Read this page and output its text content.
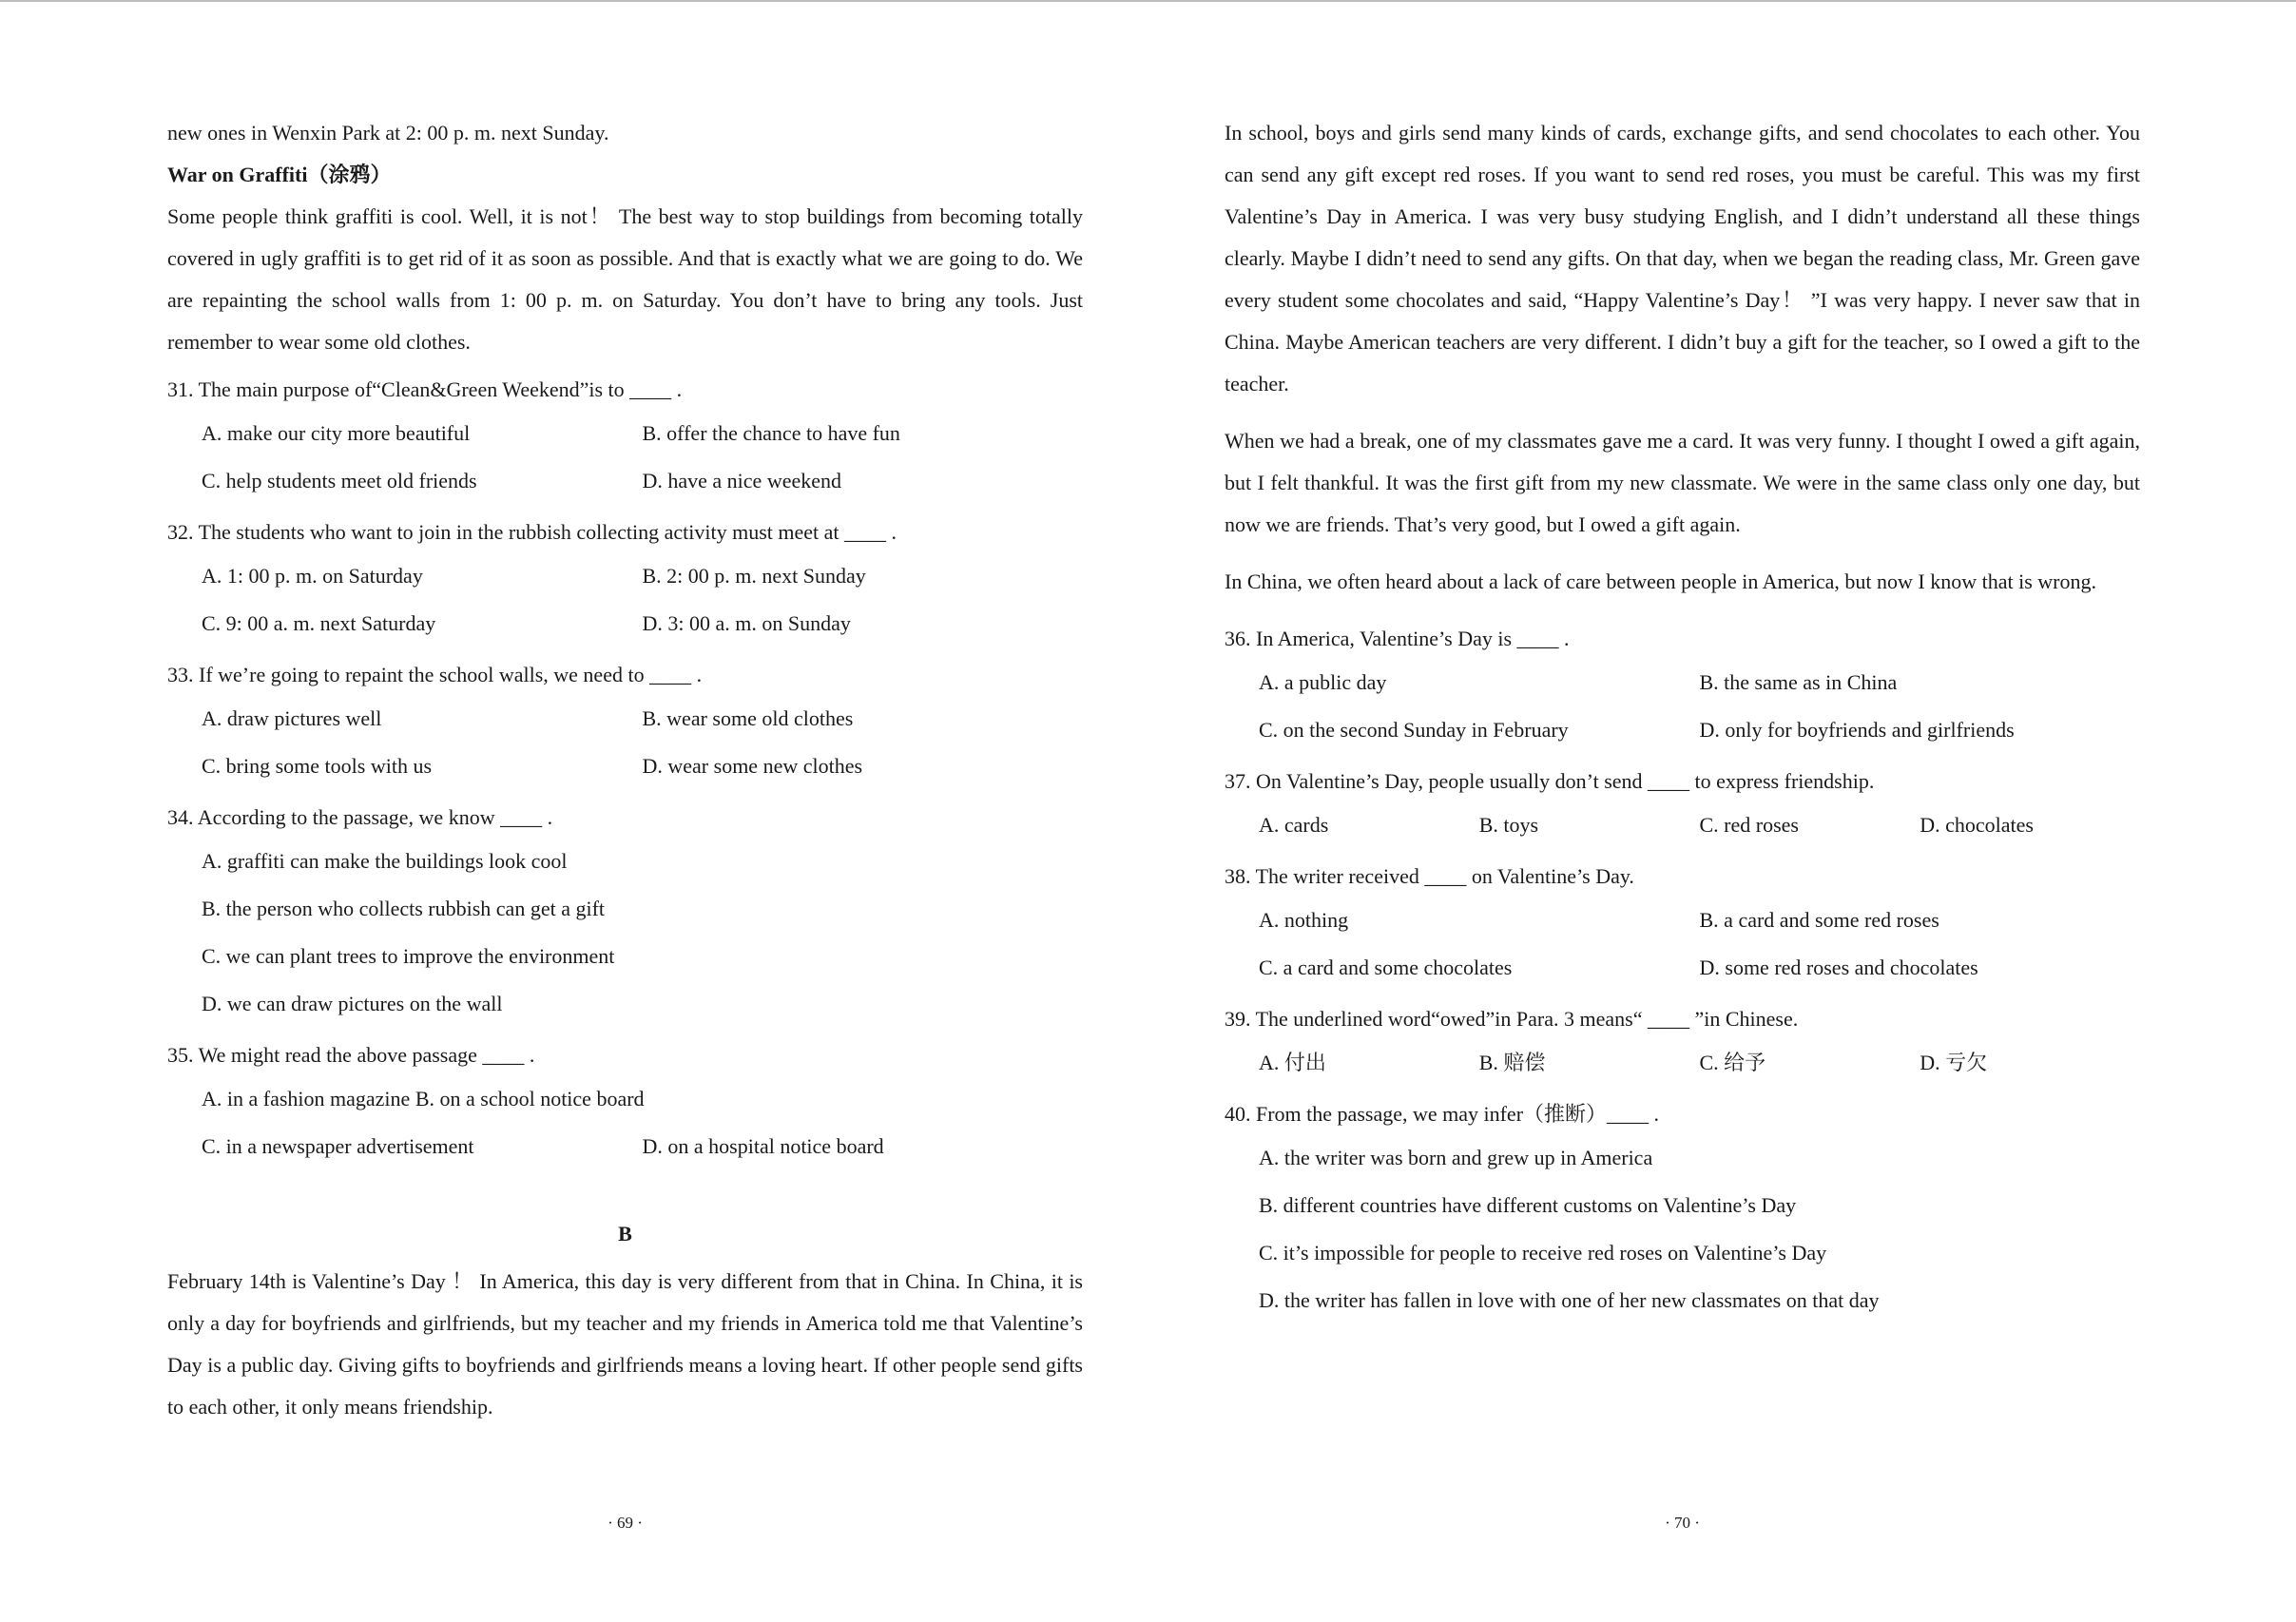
new ones in Wenxin Park at 2: 00 p. m. next Sunday.

War on Graffiti（涂鸦）

Some people think graffiti is cool. Well, it is not！ The best way to stop buildings from becoming totally covered in ugly graffiti is to get rid of it as soon as possible. And that is exactly what we are going to do. We are repainting the school walls from 1: 00 p. m. on Saturday. You don’t have to bring any tools. Just remember to wear some old clothes.

31. The main purpose of“Clean&Green Weekend”is to ____ .

A. make our city more beautiful	B. offer the chance to have fun
C. help students meet old friends	D. have a nice weekend

32. The students who want to join in the rubbish collecting activity must meet at ____ .

A. 1: 00 p. m. on Saturday	B. 2: 00 p. m. next Sunday
C. 9: 00 a. m. next Saturday	D. 3: 00 a. m. on Sunday

33. If we’re going to repaint the school walls, we need to ____ .

A. draw pictures well	B. wear some old clothes
C. bring some tools with us	D. wear some new clothes

34. According to the passage, we know ____ .

A. graffiti can make the buildings look cool
B. the person who collects rubbish can get a gift
C. we can plant trees to improve the environment
D. we can draw pictures on the wall

35. We might read the above passage ____ .

A. in a fashion magazine B. on a school notice board
C. in a newspaper advertisement	D. on a hospital notice board

B

February 14th is Valentine’s Day ！ In America, this day is very different from that in China. In China, it is only a day for boyfriends and girlfriends, but my teacher and my friends in America told me that Valentine’s Day is a public day. Giving gifts to boyfriends and girlfriends means a loving heart. If other people send gifts to each other, it only means friendship.

· 69 ·

In school, boys and girls send many kinds of cards, exchange gifts, and send chocolates to each other. You can send any gift except red roses. If you want to send red roses, you must be careful. This was my first Valentine’s Day in America. I was very busy studying English, and I didn’t understand all these things clearly. Maybe I didn’t need to send any gifts. On that day, when we began the reading class, Mr. Green gave every student some chocolates and said, “Happy Valentine’s Day！ ”I was very happy. I never saw that in China. Maybe American teachers are very different. I didn’t buy a gift for the teacher, so I owed a gift to the teacher.

When we had a break, one of my classmates gave me a card. It was very funny. I thought I owed a gift again, but I felt thankful. It was the first gift from my new classmate. We were in the same class only one day, but now we are friends. That’s very good, but I owed a gift again.

In China, we often heard about a lack of care between people in America, but now I know that is wrong.

36. In America, Valentine’s Day is ____ .

A. a public day	B. the same as in China
C. on the second Sunday in February	D. only for boyfriends and girlfriends

37. On Valentine’s Day, people usually don’t send ____ to express friendship.

A. cards	B. toys	C. red roses	D. chocolates

38. The writer received ____ on Valentine’s Day.

A. nothing	B. a card and some red roses
C. a card and some chocolates	D. some red roses and chocolates

39. The underlined word“owed”in Para. 3 means“ ____ ”in Chinese.

A. 付出	B. 赔偿	C. 给予	D. 亏欠

40. From the passage, we may infer（推断）____ .

A. the writer was born and grew up in America
B. different countries have different customs on Valentine’s Day
C. it’s impossible for people to receive red roses on Valentine’s Day
D. the writer has fallen in love with one of her new classmates on that day
· 70 ·
